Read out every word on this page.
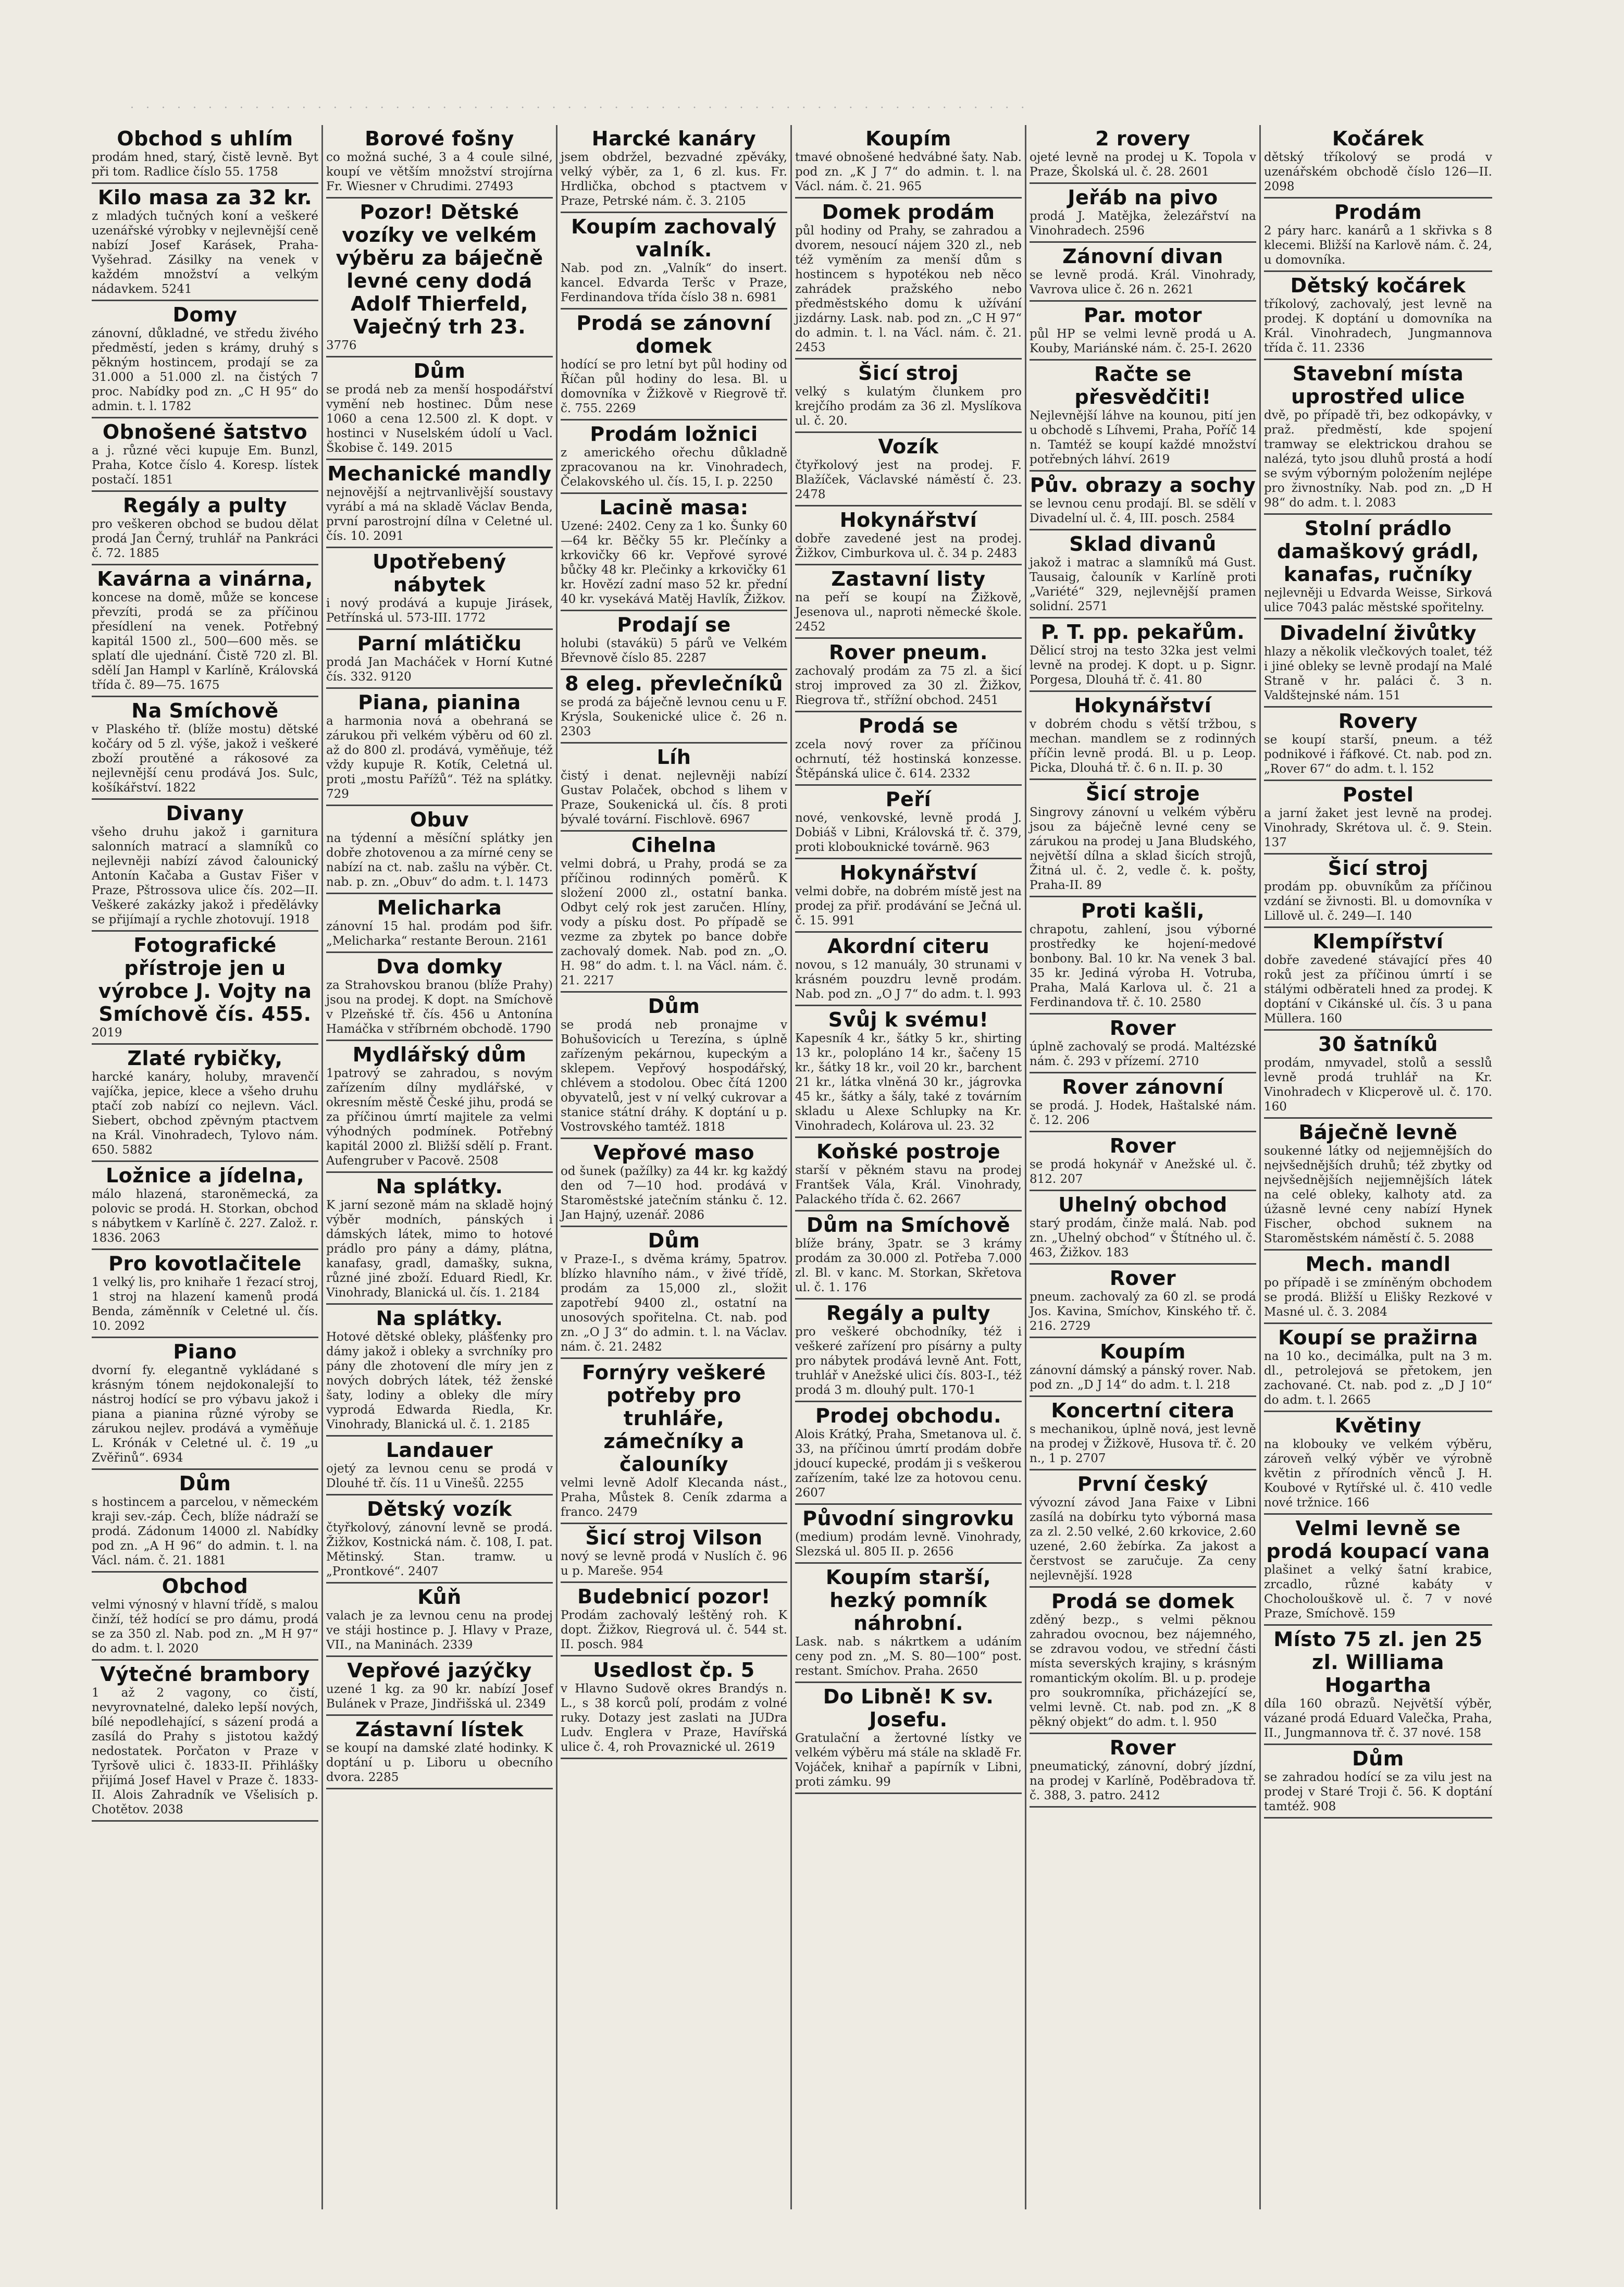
· · · · · · · · · · · · · · · · · · · · · · · · · · · · · · · · · · · · · · · · · · · · · · · · · · · · · · · · · ·
Obchod s uhlím
prodám hned, starý, čistě levně. Byt při tom. Radlice číslo 55. 1758
Kilo masa za 32 kr.
z mladých tučných koní a veškeré uzenářské výrobky v nejlevnější ceně nabízí Josef Karásek, Praha-Vyšehrad. Zásilky na venek v každém množství a velkým nádavkem. 5241
Domy
zánovní, důkladné, ve středu živého předměstí, jeden s krámy, druhý s pěkným hostincem, prodají se za 31.000 a 51.000 zl. na čistých 7 proc. Nabídky pod zn. „C H 95“ do admin. t. l. 1782
Obnošené šatstvo
a j. různé věci kupuje Em. Bunzl, Praha, Kotce číslo 4. Koresp. lístek postačí. 1851
Regály a pulty
pro veškeren obchod se budou dělat prodá Jan Černý, truhlář na Pankráci č. 72. 1885
Kavárna a vinárna,
koncese na domě, může se koncese převzíti, prodá se za příčinou přesídlení na venek. Potřebný kapitál 1500 zl., 500—600 měs. se splatí dle ujednání. Čistě 720 zl. Bl. sdělí Jan Hampl v Karlíně, Královská třída č. 89—75. 1675
Na Smíchově
v Plaského tř. (blíže mostu) dětské kočáry od 5 zl. výše, jakož i veškeré zboží proutěné a rákosové za nejlevnější cenu prodává Jos. Sulc, košíkářství. 1822
Divany
všeho druhu jakož i garnitura salonních matrací a slamníků co nejlevněji nabízí závod čalounický Antonín Kačaba a Gustav Fišer v Praze, Pštrossova ulice čís. 202—II. Veškeré zakázky jakož i předělávky se přijímají a rychle zhotovují. 1918
Fotografické přístroje jen u výrobce J. Vojty na Smíchově čís. 455.
2019
Zlaté rybičky,
harcké kanáry, holuby, mravenčí vajíčka, jepice, klece a všeho druhu ptačí zob nabízí co nejlevn. Václ. Siebert, obchod zpěvným ptactvem na Král. Vinohradech, Tylovo nám. 650. 5882
Ložnice a jídelna,
málo hlazená, staroněmecká, za polovic se prodá. H. Storkan, obchod s nábytkem v Karlíně č. 227. Založ. r. 1836. 2063
Pro kovotlačitele
1 velký lis, pro knihaře 1 řezací stroj, 1 stroj na hlazení kamenů prodá Benda, záměnník v Celetné ul. čís. 10. 2092
Piano
dvorní fy. elegantně vykládané s krásným tónem nejdokonalejší to nástroj hodící se pro výbavu jakož i piana a pianina různé výroby se zárukou nejlev. prodává a vyměňuje L. Krónák v Celetné ul. č. 19 „u Zvěřinů“. 6934
Dům
s hostincem a parcelou, v německém kraji sev.-záp. Čech, blíže nádraží se prodá. Zádonum 14000 zl. Nabídky pod zn. „A H 96“ do admin. t. l. na Václ. nám. č. 21. 1881
Obchod
velmi výnosný v hlavní třídě, s malou činží, též hodící se pro dámu, prodá se za 350 zl. Nab. pod zn. „M H 97“ do adm. t. l. 2020
Výtečné brambory
1 až 2 vagony, co čistí, nevyrovnatelné, daleko lepší nových, bílé nepodlehající, s sázení prodá a zasílá do Prahy s jistotou každý nedostatek. Porčaton v Praze v Tyršově ulici č. 1833-II. Přihlášky přijímá Josef Havel v Praze č. 1833-II. Alois Zahradník ve Všelisích p. Chotětov. 2038
Borové fošny
co možná suché, 3 a 4 coule silné, koupí ve větším množství strojírna Fr. Wiesner v Chrudimi. 27493
Pozor! Dětské vozíky ve velkém výběru za báječně levné ceny dodá Adolf Thierfeld, Vaječný trh 23.
3776
Dům
se prodá neb za menší hospodářství vymění neb hostinec. Dům nese 1060 a cena 12.500 zl. K dopt. v hostinci v Nuselském údolí u Vacl. Škobise č. 149. 2015
Mechanické mandly
nejnovější a nejtrvanlivější soustavy vyrábí a má na skladě Václav Benda, první parostrojní dílna v Celetné ul. čís. 10. 2091
Upotřebený nábytek
i nový prodává a kupuje Jirásek, Petřínská ul. 573-III. 1772
Parní mlátičku
prodá Jan Macháček v Horní Kutné čís. 332. 9120
Piana, pianina
a harmonia nová a obehraná se zárukou při velkém výběru od 60 zl. až do 800 zl. prodává, vyměňuje, též vždy kupuje R. Kotík, Celetná ul. proti „mostu Pařížů“. Též na splátky. 729
Obuv
na týdenní a měsíční splátky jen dobře zhotovenou a za mírné ceny se nabízí na ct. nab. zašlu na výběr. Ct. nab. p. zn. „Obuv“ do adm. t. l. 1473
Melicharka
zánovní 15 hal. prodám pod šifr. „Melicharka“ restante Beroun. 2161
Dva domky
za Strahovskou branou (blíže Prahy) jsou na prodej. K dopt. na Smíchově v Plzeňské tř. čís. 456 u Antonína Hamáčka v stříbrném obchodě. 1790
Mydlářský dům
1patrový se zahradou, s novým zařízením dílny mydlářské, v okresním městě České jihu, prodá se za příčinou úmrtí majitele za velmi výhodných podmínek. Potřebný kapitál 2000 zl. Bližší sdělí p. Frant. Aufengruber v Pacově. 2508
Na splátky.
K jarní sezoně mám na skladě hojný výběr modních, pánských i dámských látek, mimo to hotové prádlo pro pány a dámy, plátna, kanafasy, gradl, damašky, sukna, různé jiné zboží. Eduard Riedl, Kr. Vinohrady, Blanická ul. čís. 1. 2184
Na splátky.
Hotové dětské obleky, plášťenky pro dámy jakož i obleky a svrchníky pro pány dle zhotovení dle míry jen z nových dobrých látek, též ženské šaty, lodiny a obleky dle míry vyprodá Edwarda Riedla, Kr. Vinohrady, Blanická ul. č. 1. 2185
Landauer
ojetý za levnou cenu se prodá v Dlouhé tř. čís. 11 u Vinešů. 2255
Dětský vozík
čtyřkolový, zánovní levně se prodá. Žižkov, Kostnická nám. č. 108, I. pat. Mětinský. Stan. tramw. u „Prontkové“. 2407
Kůň
valach je za levnou cenu na prodej ve stáji hostince p. J. Hlavy v Praze, VII., na Maninách. 2339
Vepřové jazýčky
uzené 1 kg. za 90 kr. nabízí Josef Bulánek v Praze, Jindřišská ul. 2349
Zástavní lístek
se koupí na damské zlaté hodinky. K doptání u p. Liboru u obecního dvora. 2285
Harcké kanáry
jsem obdržel, bezvadné zpěváky, velký výběr, za 1, 6 zl. kus. Fr. Hrdlička, obchod s ptactvem v Praze, Petrské nám. č. 3. 2105
Koupím zachovalý valník.
Nab. pod zn. „Valník“ do insert. kancel. Edvarda Teršc v Praze, Ferdinandova třída číslo 38 n. 6981
Prodá se zánovní domek
hodící se pro letní byt půl hodiny od Říčan půl hodiny do lesa. Bl. u domovníka v Žižkově v Riegrově tř. č. 755. 2269
Prodám ložnici
z amerického ořechu důkladně zpracovanou na kr. Vinohradech, Čelakovského ul. čís. 15, I. p. 2250
Lacině masa:
Uzené: 2402. Ceny za 1 ko. Šunky 60—64 kr. Běčky 55 kr. Plečínky a krkovičky 66 kr. Vepřové syrové bůčky 48 kr. Plečinky a krkovičky 61 kr. Hovězí zadní maso 52 kr. přední 40 kr. vysekává Matěj Havlík, Žižkov.
Prodají se
holubi (stavákü) 5 párů ve Velkém Břevnově číslo 85. 2287
8 eleg. převlečníků
se prodá za báječně levnou cenu u F. Krýsla, Soukenické ulice č. 26 n. 2303
Líh
čistý i denat. nejlevněji nabízí Gustav Polaček, obchod s lihem v Praze, Soukenická ul. čís. 8 proti bývalé tovární. Fischlově. 6967
Cihelna
velmi dobrá, u Prahy, prodá se za příčinou rodinných poměrů. K složení 2000 zl., ostatní banka. Odbyt celý rok jest zaručen. Hlíny, vody a písku dost. Po případě se vezme za zbytek po bance dobře zachovalý domek. Nab. pod zn. „O. H. 98“ do adm. t. l. na Václ. nám. č. 21. 2217
Dům
se prodá neb pronajme v Bohušovicích u Terezína, s úplně zařízeným pekárnou, kupeckým a sklepem. Vepřový hospodářský, chlévem a stodolou. Obec čítá 1200 obyvatelů, jest v ní velký cukrovar a stanice státní dráhy. K doptání u p. Vostrovského tamtéž. 1818
Vepřové maso
od šunek (pažílky) za 44 kr. kg každý den od 7—10 hod. prodává v Staroměstské jatečním stánku č. 12. Jan Hajný, uzenář. 2086
Dům
v Praze-I., s dvěma krámy, 5patrov. blízko hlavního nám., v živé třídě, prodám za 15,000 zl., složit zapotřebí 9400 zl., ostatní na unosových spořitelna. Ct. nab. pod zn. „O J 3“ do admin. t. l. na Václav. nám. č. 21. 2482
Fornýry veškeré potřeby pro truhláře, zámečníky a čalouníky
velmi levně Adolf Klecanda nást., Praha, Můstek 8. Ceník zdarma a franco. 2479
Šicí stroj Vilson
nový se levně prodá v Nuslích č. 96 u p. Mareše. 954
Budebnicí pozor!
Prodám zachovalý leštěný roh. K dopt. Žižkov, Riegrová ul. č. 544 st. II. posch. 984
Usedlost čp. 5
v Hlavno Sudově okres Brandýs n. L., s 38 korců polí, prodám z volné ruky. Dotazy jest zaslati na JUDra Ludv. Englera v Praze, Havířská ulice č. 4, roh Provaznické ul. 2619
Koupím
tmavé obnošené hedvábné šaty. Nab. pod zn. „K J 7“ do admin. t. l. na Václ. nám. č. 21. 965
Domek prodám
půl hodiny od Prahy, se zahradou a dvorem, nesoucí nájem 320 zl., neb též vyměním za menší dům s hostincem s hypotékou neb něco zahrádek pražského nebo předměstského domu k užívání jizdárny. Lask. nab. pod zn. „C H 97“ do admin. t. l. na Václ. nám. č. 21. 2453
Šicí stroj
velký s kulatým člunkem pro krejčího prodám za 36 zl. Myslíkova ul. č. 20.
Vozík
čtyřkolový jest na prodej. F. Blažíček, Václavské náměstí č. 23. 2478
Hokynářství
dobře zavedené jest na prodej. Žižkov, Cimburkova ul. č. 34 p. 2483
Zastavní listy
na peří se koupí na Žižkově, Jesenova ul., naproti německé škole. 2452
Rover pneum.
zachovalý prodám za 75 zl. a šicí stroj improved za 30 zl. Žižkov, Riegrova tř., střížní obchod. 2451
Prodá se
zcela nový rover za příčinou ochrnutí, též hostinská konzesse. Štěpánská ulice č. 614. 2332
Peří
nové, venkovské, levně prodá J. Dobiáš v Libni, Královská tř. č. 379, proti klobouknické továrně. 963
Hokynářství
velmi dobře, na dobrém místě jest na prodej za přiř. prodávání se Ječná ul. č. 15. 991
Akordní citeru
novou, s 12 manuály, 30 strunami v krásném pouzdru levně prodám. Nab. pod zn. „O J 7“ do adm. t. l. 993
Svůj k svému!
Kapesník 4 kr., šátky 5 kr., shirting 13 kr., polopláno 14 kr., šačeny 15 kr., šátky 18 kr., voil 20 kr., barchent 21 kr., látka vlněná 30 kr., jágrovka 45 kr., šátky a šály, také z továrním skladu u Alexe Schlupky na Kr. Vinohradech, Kolárova ul. 23. 32
Koňské postroje
starší v pěkném stavu na prodej Frantšek Vála, Král. Vinohrady, Palackého třída č. 62. 2667
Dům na Smíchově
blíže brány, 3patr. se 3 krámy prodám za 30.000 zl. Potřeba 7.000 zl. Bl. v kanc. M. Storkan, Skřetova ul. č. 1. 176
Regály a pulty
pro veškeré obchodníky, též i veškeré zařízení pro písárny a pulty pro nábytek prodává levně Ant. Fott, truhlář v Anežské ulici čís. 803-I., též prodá 3 m. dlouhý pult. 170-1
Prodej obchodu.
Alois Krátký, Praha, Smetanova ul. č. 33, na příčinou úmrtí prodám dobře jdoucí kupecké, prodám ji s veškerou zařízením, také lze za hotovou cenu. 2607
Původní singrovku
(medium) prodám levně. Vinohrady, Slezská ul. 805 II. p. 2656
Koupím starší, hezký pomník náhrobní.
Lask. nab. s nákrtkem a udáním ceny pod zn. „M. S. 80—100“ post. restant. Smíchov. Praha. 2650
Do Libně! K sv. Josefu.
Gratulační a žertovné lístky ve velkém výběru má stále na skladě Fr. Vojáček, knihař a papírník v Libni, proti zámku. 99
2 rovery
ojeté levně na prodej u K. Topola v Praze, Školská ul. č. 28. 2601
Jeřáb na pivo
prodá J. Matějka, železářství na Vinohradech. 2596
Zánovní divan
se levně prodá. Král. Vinohrady, Vavrova ulice č. 26 n. 2621
Par. motor
půl HP se velmi levně prodá u A. Kouby, Mariánské nám. č. 25-I. 2620
Račte se přesvědčiti!
Nejlevnější láhve na kounou, pití jen u obchodě s Líhvemi, Praha, Poříč 14 n. Tamtéž se koupí každé množství potřebných láhví. 2619
Pův. obrazy a sochy
se levnou cenu prodají. Bl. se sdělí v Divadelní ul. č. 4, III. posch. 2584
Sklad divanů
jakož i matrac a slamníků má Gust. Tausaig, čalouník v Karlíně proti „Variété“ 329, nejlevnější pramen solidní. 2571
P. T. pp. pekařům.
Dělicí stroj na testo 32ka jest velmi levně na prodej. K dopt. u p. Signr. Porgesa, Dlouhá tř. č. 41. 80
Hokynářství
v dobrém chodu s větší tržbou, s mechan. mandlem se z rodinných příčin levně prodá. Bl. u p. Leop. Picka, Dlouhá tř. č. 6 n. II. p. 30
Šicí stroje
Singrovy zánovní u velkém výběru jsou za báječně levné ceny se zárukou na prodej u Jana Bludského, největší dílna a sklad šicích strojů, Žitná ul. č. 2, vedle č. k. pošty, Praha-II. 89
Proti kašli,
chrapotu, zahlení, jsou výborné prostředky ke hojení-medové bonbony. Bal. 10 kr. Na venek 3 bal. 35 kr. Jediná výroba H. Votruba, Praha, Malá Karlova ul. č. 21 a Ferdinandova tř. č. 10. 2580
Rover
úplně zachovalý se prodá. Maltézské nám. č. 293 v přízemí. 2710
Rover zánovní
se prodá. J. Hodek, Haštalské nám. č. 12. 206
Rover
se prodá hokynář v Anežské ul. č. 812. 207
Uhelný obchod
starý prodám, činže malá. Nab. pod zn. „Uhelný obchod“ v Štítného ul. č. 463, Žižkov. 183
Rover
pneum. zachovalý za 60 zl. se prodá Jos. Kavina, Smíchov, Kinského tř. č. 216. 2729
Koupím
zánovní dámský a pánský rover. Nab. pod zn. „D J 14“ do adm. t. l. 218
Koncertní citera
s mechanikou, úplně nová, jest levně na prodej v Žižkově, Husova tř. č. 20 n., 1 p. 2707
První český
vývozní závod Jana Faixe v Libni zasílá na dobírku tyto výborná masa za zl. 2.50 velké, 2.60 krkovice, 2.60 uzené, 2.60 žebírka. Za jakost a čerstvost se zaručuje. Za ceny nejlevnější. 1928
Prodá se domek
zděný bezp., s velmi pěknou zahradou ovocnou, bez nájemného, se zdravou vodou, ve střední části místa severských krajiny, s krásným romantickým okolím. Bl. u p. prodeje pro soukromníka, přicházející se, velmi levně. Ct. nab. pod zn. „K 8 pěkný objekt“ do adm. t. l. 950
Rover
pneumatický, zánovní, dobrý jízdní, na prodej v Karlíně, Poděbradova tř. č. 388, 3. patro. 2412
Kočárek
dětský tříkolový se prodá v uzenářském obchodě číslo 126—II. 2098
Prodám
2 páry harc. kanárů a 1 skřivka s 8 klecemi. Bližší na Karlově nám. č. 24, u domovníka.
Dětský kočárek
tříkolový, zachovalý, jest levně na prodej. K doptání u domovníka na Král. Vinohradech, Jungmannova třída č. 11. 2336
Stavební místa uprostřed ulice
dvě, po případě tři, bez odkopávky, v praž. předměstí, kde spojení tramway se elektrickou drahou se nalézá, tyto jsou dluhů prostá a hodí se svým výborným položením nejlépe pro živnostníky. Nab. pod zn. „D H 98“ do adm. t. l. 2083
Stolní prádlo damaškový grádl, kanafas, ručníky
nejlevněji u Edvarda Weisse, Sirková ulice 7043 palác městské spořitelny.
Divadelní živůtky
hlazy a několik vlečkových toalet, též i jiné obleky se levně prodají na Malé Straně v hr. paláci č. 3 n. Valdštejnské nám. 151
Rovery
se koupí starší, pneum. a též podnikové i řáfkové. Ct. nab. pod zn. „Rover 67“ do adm. t. l. 152
Postel
a jarní žaket jest levně na prodej. Vinohrady, Skrétova ul. č. 9. Stein. 137
Šicí stroj
prodám pp. obuvníkům za příčinou vzdání se živnosti. Bl. u domovníka v Lillově ul. č. 249—I. 140
Klempířství
dobře zavedené stávající přes 40 roků jest za příčinou úmrtí i se stálými odběrateli hned za prodej. K doptání v Cikánské ul. čís. 3 u pana Müllera. 160
30 šatníků
prodám, nmyvadel, stolů a sesslů levně prodá truhlář na Kr. Vinohradech v Klicperově ul. č. 170. 160
Báječně levně
soukenné látky od nejjemnějších do nejvšednějších druhů; též zbytky od nejvšednějších nejjemnějších látek na celé obleky, kalhoty atd. za úžasně levné ceny nabízí Hynek Fischer, obchod suknem na Staroměstském náměstí č. 5. 2088
Mech. mandl
po případě i se zmíněným obchodem se prodá. Bližší u Elišky Rezkové v Masné ul. č. 3. 2084
Koupí se pražirna
na 10 ko., decimálka, pult na 3 m. dl., petrolejová se přetokem, jen zachované. Ct. nab. pod z. „D J 10“ do adm. t. l. 2665
Květiny
na klobouky ve velkém výběru, zároveň velký výběr ve výrobně květin z přírodních věnců J. H. Koubové v Rytířské ul. č. 410 vedle nové tržnice. 166
Velmi levně se prodá koupací vana
plašinet a velký šatní krabice, zrcadlo, různé kabáty v Chocholouškově ul. č. 7 v nové Praze, Smíchově. 159
Místo 75 zl. jen 25 zl. Williama Hogartha
díla 160 obrazů. Největší výběr, vázané prodá Eduard Valečka, Praha, II., Jungmannova tř. č. 37 nové. 158
Dům
se zahradou hodící se za vilu jest na prodej v Staré Troji č. 56. K doptání tamtéž. 908
